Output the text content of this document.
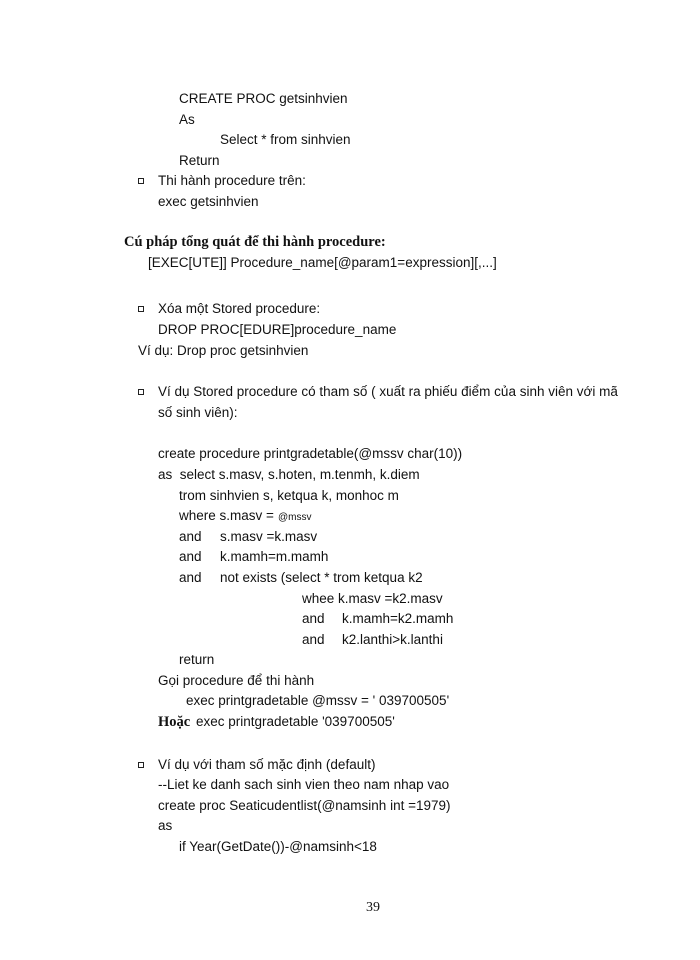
CREATE PROC getsinhvien
As
Select * from sinhvien
Return
Thi hành procedure trên:
exec getsinhvien
Cú pháp tổng quát để thi hành procedure:
[EXEC[UTE]] Procedure_name[@param1=expression][,...]
Xóa một Stored procedure:
DROP PROC[EDURE]procedure_name
Ví dụ: Drop proc getsinhvien
Ví dụ Stored procedure có tham số ( xuất ra phiếu điểm của sinh viên với mã
số sinh viên):
create procedure printgradetable(@mssv char(10))
as  select s.masv, s.hoten, m.tenmh, k.diem
trom sinhvien s, ketqua k, monhoc m
where s.masv = @mssv
and s.masv =k.masv
and k.mamh=m.mamh
and not exists (select * trom ketqua k2
whee k.masv =k2.masv
and k.mamh=k2.mamh
and k2.lanthi>k.lanthi
return
Gọi procedure để thi hành
exec printgradetable @mssv = ' 039700505'
Hoặc exec printgradetable '039700505'
Ví dụ với tham số mặc định (default)
--Liet ke danh sach sinh vien theo nam nhap vao
create proc Seaticudentlist(@namsinh int =1979)
as
if Year(GetDate())-@namsinh<18
39
